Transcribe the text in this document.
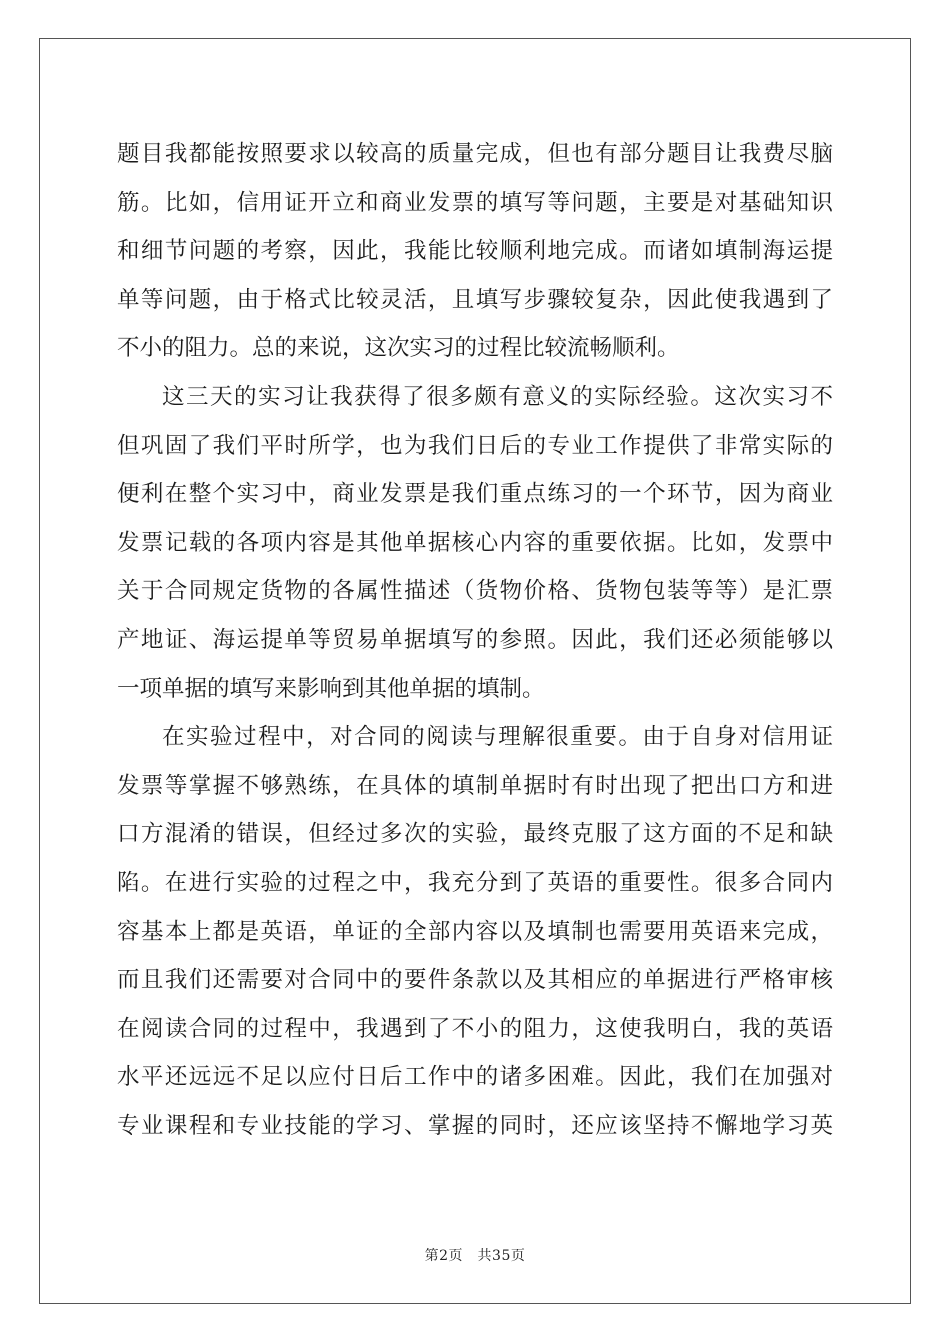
题目我都能按照要求以较高的质量完成，但也有部分题目让我费尽脑
筋。比如，信用证开立和商业发票的填写等问题，主要是对基础知识
和细节问题的考察，因此，我能比较顺利地完成。而诸如填制海运提
单等问题，由于格式比较灵活，且填写步骤较复杂，因此使我遇到了
不小的阻力。总的来说，这次实习的过程比较流畅顺利。
这三天的实习让我获得了很多颇有意义的实际经验。这次实习不
但巩固了我们平时所学，也为我们日后的专业工作提供了非常实际的
便利在整个实习中，商业发票是我们重点练习的一个环节，因为商业
发票记载的各项内容是其他单据核心内容的重要依据。比如，发票中
关于合同规定货物的各属性描述（货物价格、货物包装等等）是汇票
产地证、海运提单等贸易单据填写的参照。因此，我们还必须能够以
一项单据的填写来影响到其他单据的填制。
在实验过程中，对合同的阅读与理解很重要。由于自身对信用证
发票等掌握不够熟练，在具体的填制单据时有时出现了把出口方和进
口方混淆的错误，但经过多次的实验，最终克服了这方面的不足和缺
陷。在进行实验的过程之中，我充分到了英语的重要性。很多合同内
容基本上都是英语，单证的全部内容以及填制也需要用英语来完成，
而且我们还需要对合同中的要件条款以及其相应的单据进行严格审核
在阅读合同的过程中，我遇到了不小的阻力，这使我明白，我的英语
水平还远远不足以应付日后工作中的诸多困难。因此，我们在加强对
专业课程和专业技能的学习、掌握的同时，还应该坚持不懈地学习英
第2页　共35页
